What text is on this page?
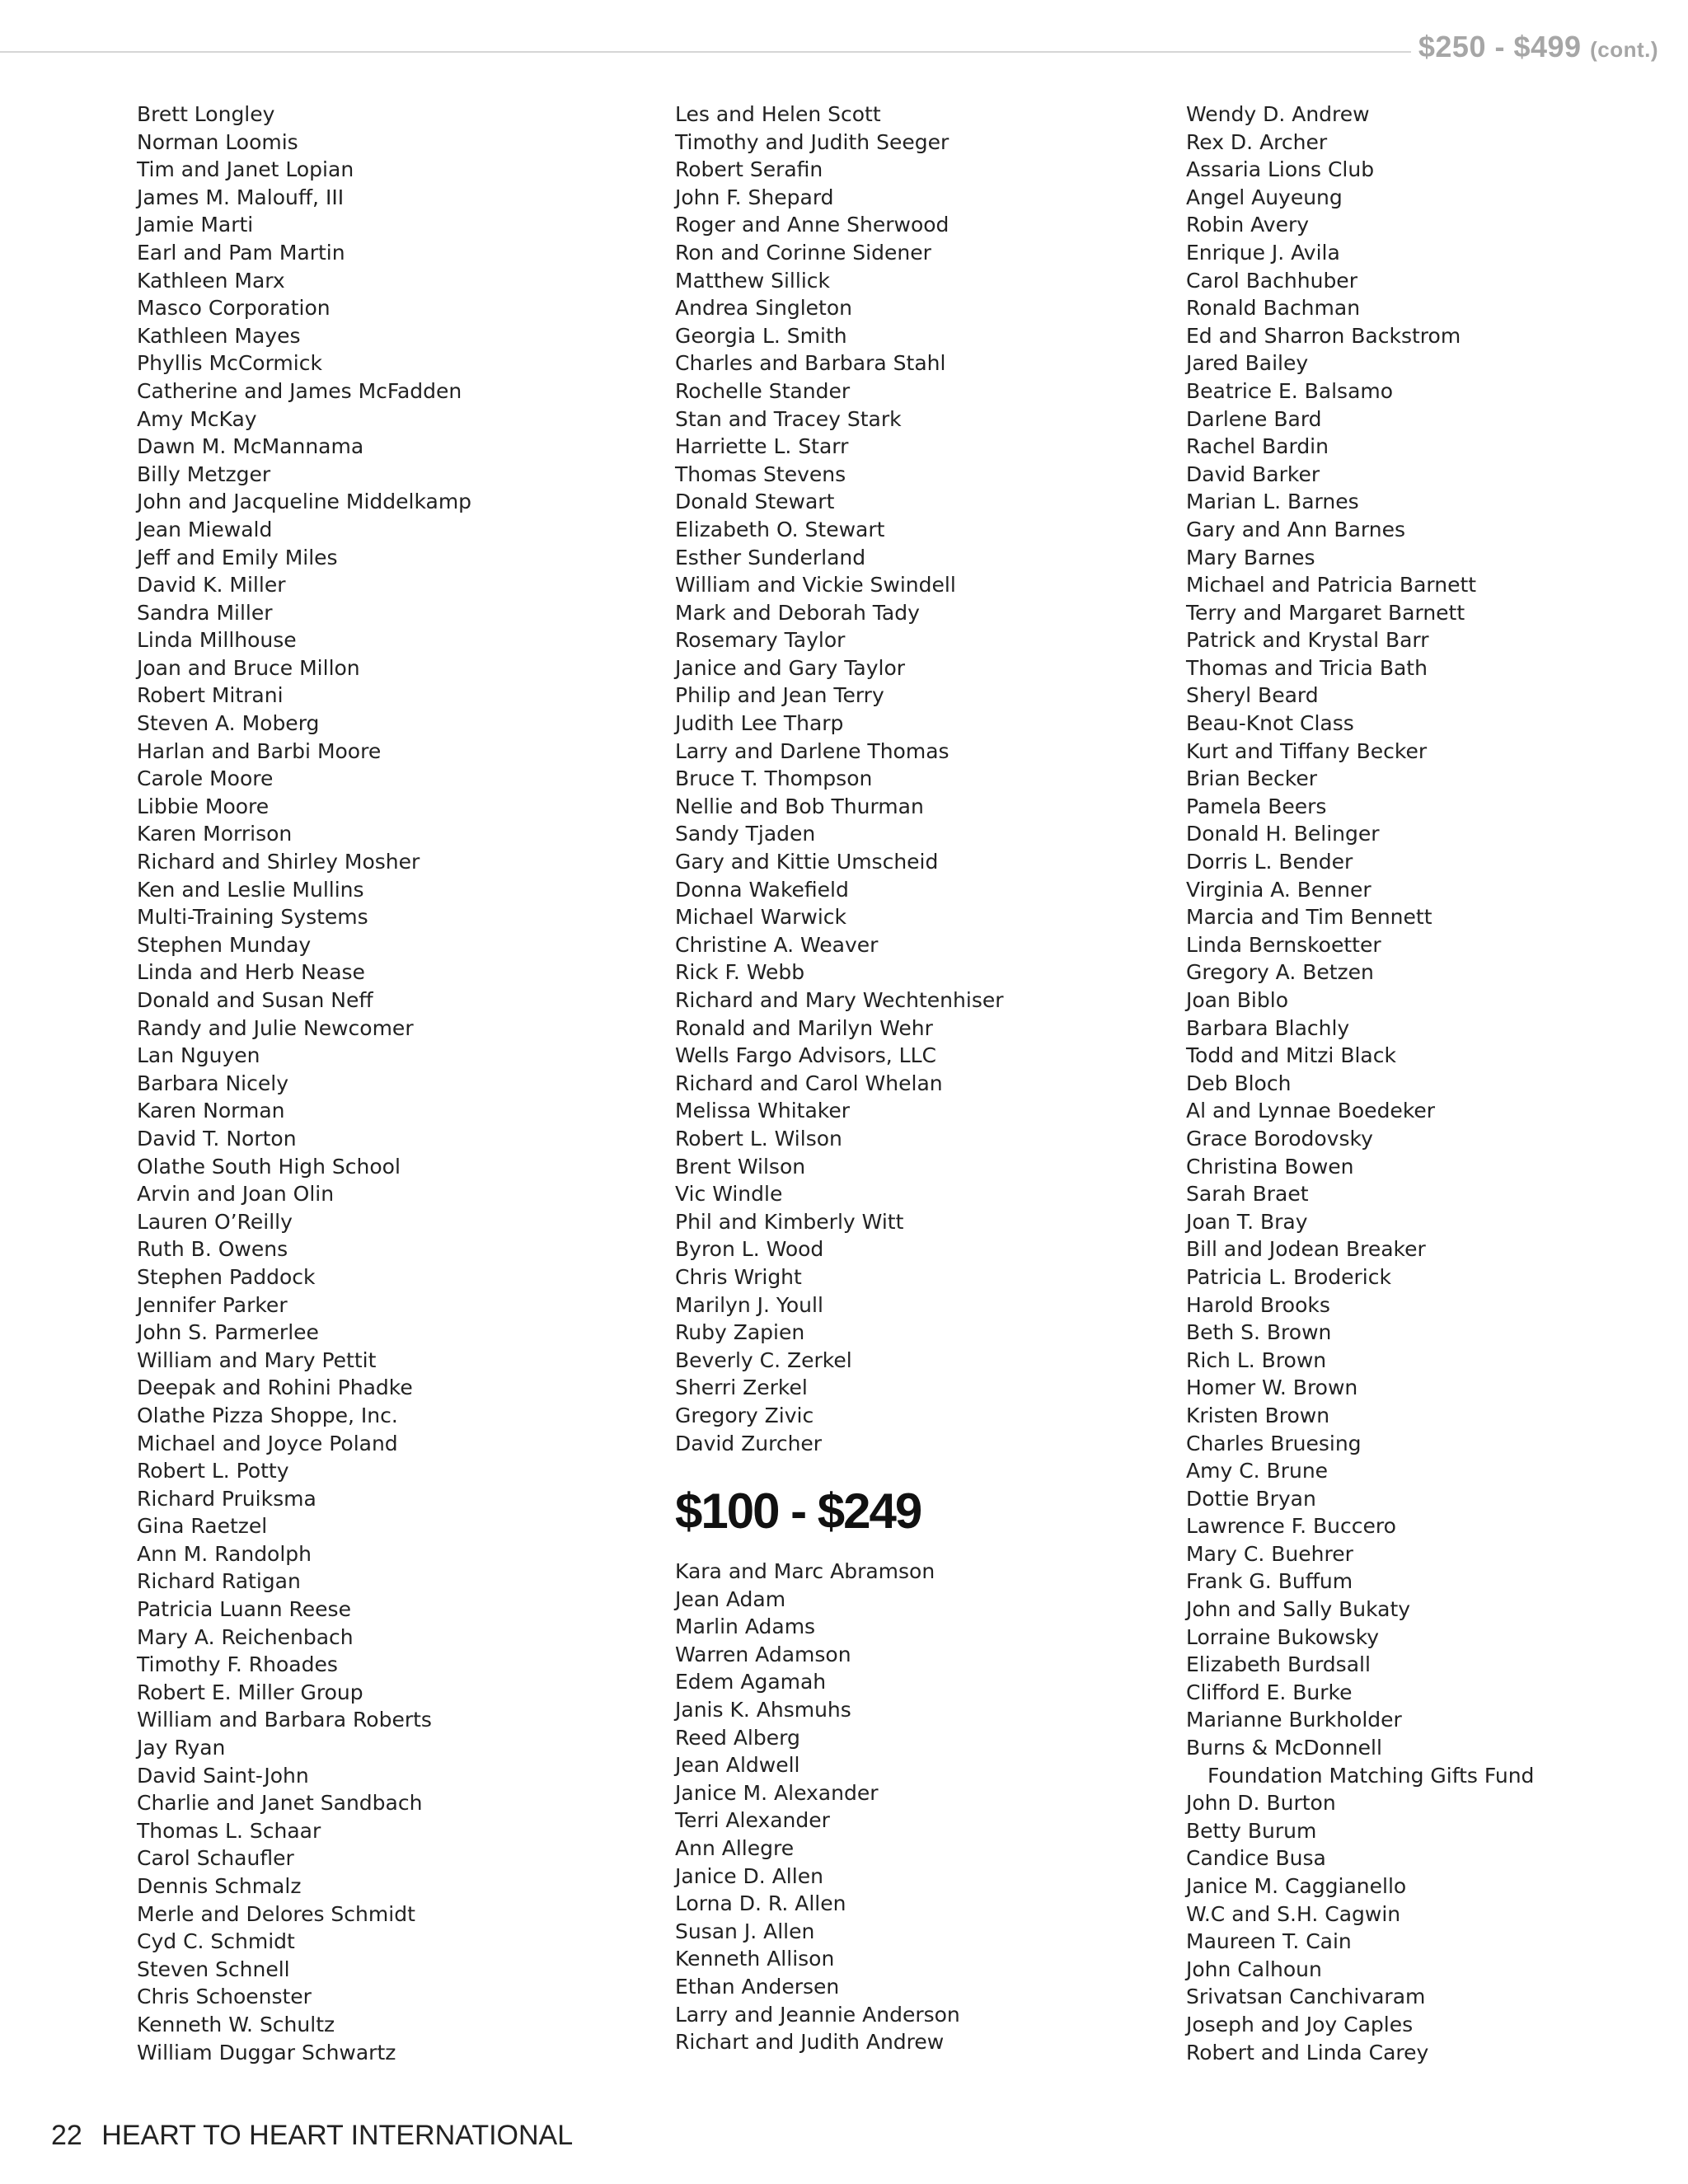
$250 - $499 (cont.)
Brett Longley
Norman Loomis
Tim and Janet Lopian
James M. Malouff, III
Jamie Marti
Earl and Pam Martin
Kathleen Marx
Masco Corporation
Kathleen Mayes
Phyllis McCormick
Catherine and James McFadden
Amy McKay
Dawn M. McMannama
Billy Metzger
John and Jacqueline Middelkamp
Jean Miewald
Jeff and Emily Miles
David K. Miller
Sandra Miller
Linda Millhouse
Joan and Bruce Millon
Robert Mitrani
Steven A. Moberg
Harlan and Barbi Moore
Carole Moore
Libbie Moore
Karen Morrison
Richard and Shirley Mosher
Ken and Leslie Mullins
Multi-Training Systems
Stephen Munday
Linda and Herb Nease
Donald and Susan Neff
Randy and Julie Newcomer
Lan Nguyen
Barbara Nicely
Karen Norman
David T. Norton
Olathe South High School
Arvin and Joan Olin
Lauren O’Reilly
Ruth B. Owens
Stephen Paddock
Jennifer Parker
John S. Parmerlee
William and Mary Pettit
Deepak and Rohini Phadke
Olathe Pizza Shoppe, Inc.
Michael and Joyce Poland
Robert L. Potty
Richard Pruiksma
Gina Raetzel
Ann M. Randolph
Richard Ratigan
Patricia Luann Reese
Mary A. Reichenbach
Timothy F. Rhoades
Robert E. Miller Group
William and Barbara Roberts
Jay Ryan
David Saint-John
Charlie and Janet Sandbach
Thomas L. Schaar
Carol Schaufler
Dennis Schmalz
Merle and Delores Schmidt
Cyd C. Schmidt
Steven Schnell
Chris Schoenster
Kenneth W. Schultz
William Duggar Schwartz
Les and Helen Scott
Timothy and Judith Seeger
Robert Serafin
John F. Shepard
Roger and Anne Sherwood
Ron and Corinne Sidener
Matthew Sillick
Andrea Singleton
Georgia L. Smith
Charles and Barbara Stahl
Rochelle Stander
Stan and Tracey Stark
Harriette L. Starr
Thomas Stevens
Donald Stewart
Elizabeth O. Stewart
Esther Sunderland
William and Vickie Swindell
Mark and Deborah Tady
Rosemary Taylor
Janice and Gary Taylor
Philip and Jean Terry
Judith Lee Tharp
Larry and Darlene Thomas
Bruce T. Thompson
Nellie and Bob Thurman
Sandy Tjaden
Gary and Kittie Umscheid
Donna Wakefield
Michael Warwick
Christine A. Weaver
Rick F. Webb
Richard and Mary Wechtenhiser
Ronald and Marilyn Wehr
Wells Fargo Advisors, LLC
Richard and Carol Whelan
Melissa Whitaker
Robert L. Wilson
Brent Wilson
Vic Windle
Phil and Kimberly Witt
Byron L. Wood
Chris Wright
Marilyn J. Youll
Ruby Zapien
Beverly C. Zerkel
Sherri Zerkel
Gregory Zivic
David Zurcher
$100 - $249
Kara and Marc Abramson
Jean Adam
Marlin Adams
Warren Adamson
Edem Agamah
Janis K. Ahsmuhs
Reed Alberg
Jean Aldwell
Janice M. Alexander
Terri Alexander
Ann Allegre
Janice D. Allen
Lorna D. R. Allen
Susan J. Allen
Kenneth Allison
Ethan Andersen
Larry and Jeannie Anderson
Richart and Judith Andrew
Wendy D. Andrew
Rex D. Archer
Assaria Lions Club
Angel Auyeung
Robin Avery
Enrique J. Avila
Carol Bachhuber
Ronald Bachman
Ed and Sharron Backstrom
Jared Bailey
Beatrice E. Balsamo
Darlene Bard
Rachel Bardin
David Barker
Marian L. Barnes
Gary and Ann Barnes
Mary Barnes
Michael and Patricia Barnett
Terry and Margaret Barnett
Patrick and Krystal Barr
Thomas and Tricia Bath
Sheryl Beard
Beau-Knot Class
Kurt and Tiffany Becker
Brian Becker
Pamela Beers
Donald H. Belinger
Dorris L. Bender
Virginia A. Benner
Marcia and Tim Bennett
Linda Bernskoetter
Gregory A. Betzen
Joan Biblo
Barbara Blachly
Todd and Mitzi Black
Deb Bloch
Al and Lynnae Boedeker
Grace Borodovsky
Christina Bowen
Sarah Braet
Joan T. Bray
Bill and Jodean Breaker
Patricia L. Broderick
Harold Brooks
Beth S. Brown
Rich L. Brown
Homer W. Brown
Kristen Brown
Charles Bruesing
Amy C. Brune
Dottie Bryan
Lawrence F. Buccero
Mary C. Buehrer
Frank G. Buffum
John and Sally Bukaty
Lorraine Bukowsky
Elizabeth Burdsall
Clifford E. Burke
Marianne Burkholder
Burns & McDonnell
Foundation Matching Gifts Fund
John D. Burton
Betty Burum
Candice Busa
Janice M. Caggianello
W.C and S.H. Cagwin
Maureen T. Cain
John Calhoun
Srivatsan Canchivaram
Joseph and Joy Caples
Robert and Linda Carey
22 HEART TO HEART INTERNATIONAL
